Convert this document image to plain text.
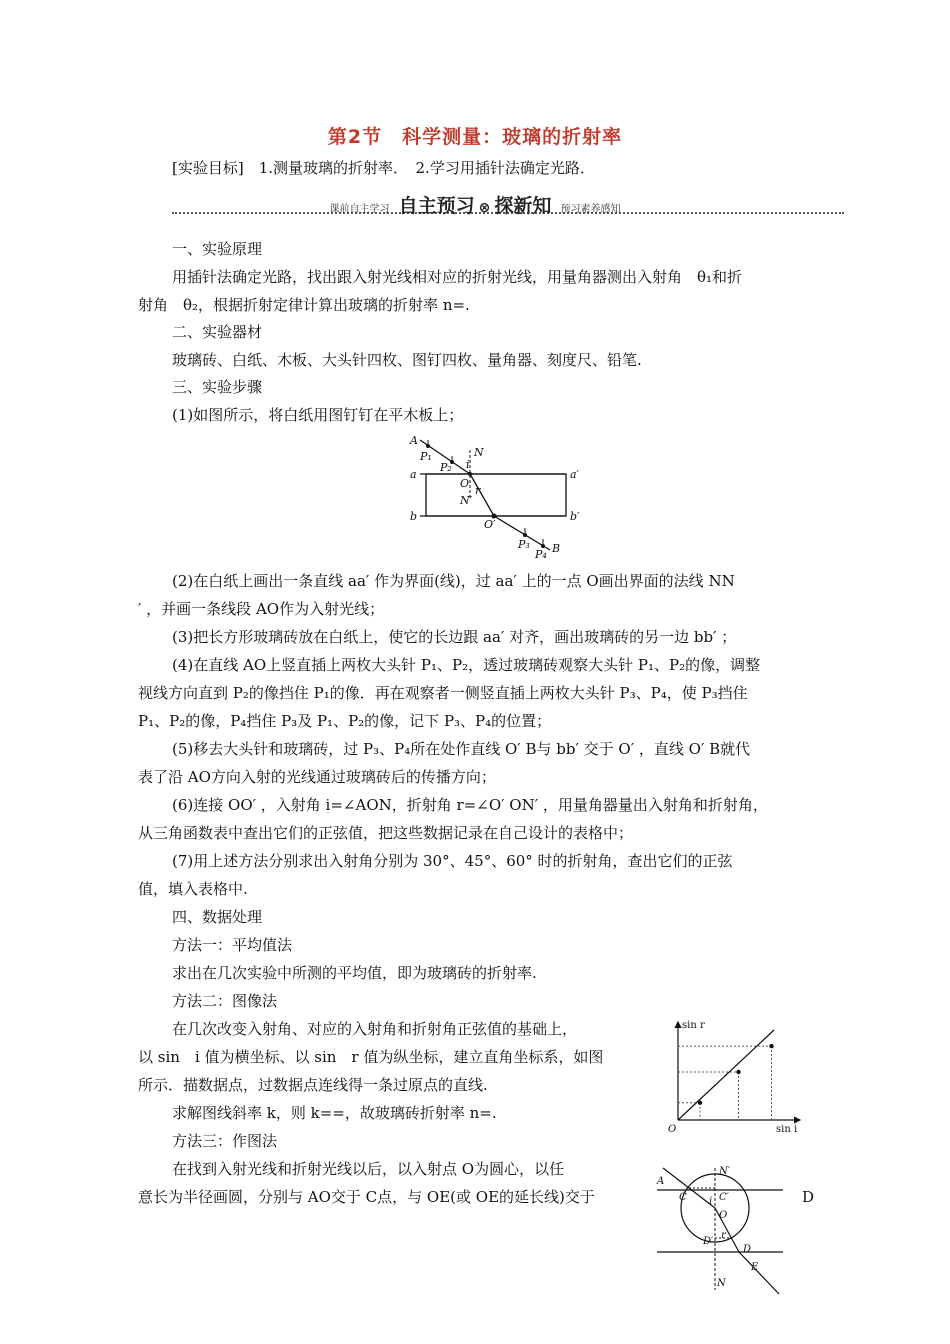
第2节　科学测量：玻璃的折射率
[实验目标]　1.测量玻璃的折射率．　2.学习用插针法确定光路．
课前自主学习 自主预习 ⊗ 探新知 预习素养感知
一、实验原理
用插针法确定光路，找出跟入射光线相对应的折射光线，用量角器测出入射角　θ₁和折
射角　θ₂，根据折射定律计算出玻璃的折射率 n=.
二、实验器材
玻璃砖、白纸、木板、大头针四枚、图钉四枚、量角器、刻度尺、铅笔.
三、实验步骤
(1)如图所示，将白纸用图钉钉在平木板上；
A
P₁
P₂
N
i
O
r
N′
a	a′
b	b′
O′
P₃
P₄ B
(2)在白纸上画出一条直线 aa′ 作为界面(线)，过 aa′ 上的一点 O画出界面的法线 NN
′ ，并画一条线段 AO作为入射光线；
(3)把长方形玻璃砖放在白纸上，使它的长边跟 aa′ 对齐，画出玻璃砖的另一边 bb′ ；
(4)在直线 AO上竖直插上两枚大头针 P₁、P₂，透过玻璃砖观察大头针 P₁、P₂的像，调整
视线方向直到 P₂的像挡住 P₁的像．再在观察者一侧竖直插上两枚大头针 P₃、P₄，使 P₃挡住
P₁、P₂的像，P₄挡住 P₃及 P₁、P₂的像，记下 P₃、P₄的位置；
(5)移去大头针和玻璃砖，过 P₃、P₄所在处作直线 O′ B与 bb′ 交于 O′ ，直线 O′ B就代
表了沿 AO方向入射的光线通过玻璃砖后的传播方向；
(6)连接 OO′ ，入射角 i=∠AON，折射角 r=∠O′ ON′ ，用量角器量出入射角和折射角，
从三角函数表中查出它们的正弦值，把这些数据记录在自己设计的表格中；
(7)用上述方法分别求出入射角分别为 30°、45°、60° 时的折射角，查出它们的正弦
值，填入表格中.
四、数据处理
方法一：平均值法
求出在几次实验中所测的平均值，即为玻璃砖的折射率.
方法二：图像法
在几次改变入射角、对应的入射角和折射角正弦值的基础上，
以 sin　i 值为横坐标、以 sin　r 值为纵坐标，建立直角坐标系，如图
所示．描数据点，过数据点连线得一条过原点的直线.
求解图线斜率 k，则 k==，故玻璃砖折射率 n=.
方法三：作图法
在找到入射光线和折射光线以后，以入射点 O为圆心，以任
意长为半径画圆，分别与 AO交于 C点，与 OE(或 OE的延长线)交于	D
sin r
sin i
O
A
C
N′
C′
i
O
D′
r
D
E
N
